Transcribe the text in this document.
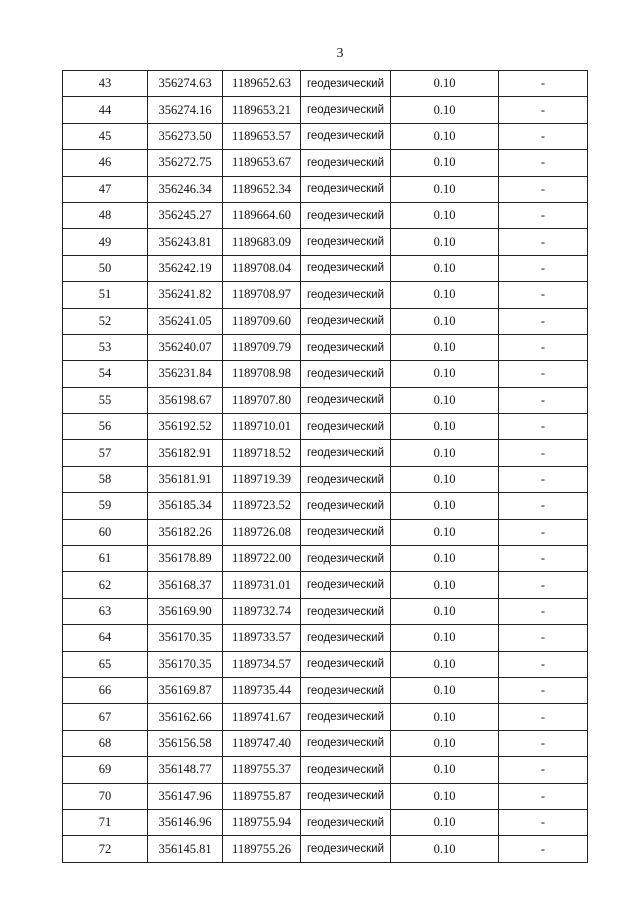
3
43	356274.63	1189652.63	геодезический	0.10	-
44	356274.16	1189653.21	геодезический	0.10	-
45	356273.50	1189653.57	геодезический	0.10	-
46	356272.75	1189653.67	геодезический	0.10	-
47	356246.34	1189652.34	геодезический	0.10	-
48	356245.27	1189664.60	геодезический	0.10	-
49	356243.81	1189683.09	геодезический	0.10	-
50	356242.19	1189708.04	геодезический	0.10	-
51	356241.82	1189708.97	геодезический	0.10	-
52	356241.05	1189709.60	геодезический	0.10	-
53	356240.07	1189709.79	геодезический	0.10	-
54	356231.84	1189708.98	геодезический	0.10	-
55	356198.67	1189707.80	геодезический	0.10	-
56	356192.52	1189710.01	геодезический	0.10	-
57	356182.91	1189718.52	геодезический	0.10	-
58	356181.91	1189719.39	геодезический	0.10	-
59	356185.34	1189723.52	геодезический	0.10	-
60	356182.26	1189726.08	геодезический	0.10	-
61	356178.89	1189722.00	геодезический	0.10	-
62	356168.37	1189731.01	геодезический	0.10	-
63	356169.90	1189732.74	геодезический	0.10	-
64	356170.35	1189733.57	геодезический	0.10	-
65	356170.35	1189734.57	геодезический	0.10	-
66	356169.87	1189735.44	геодезический	0.10	-
67	356162.66	1189741.67	геодезический	0.10	-
68	356156.58	1189747.40	геодезический	0.10	-
69	356148.77	1189755.37	геодезический	0.10	-
70	356147.96	1189755.87	геодезический	0.10	-
71	356146.96	1189755.94	геодезический	0.10	-
72	356145.81	1189755.26	геодезический	0.10	-
